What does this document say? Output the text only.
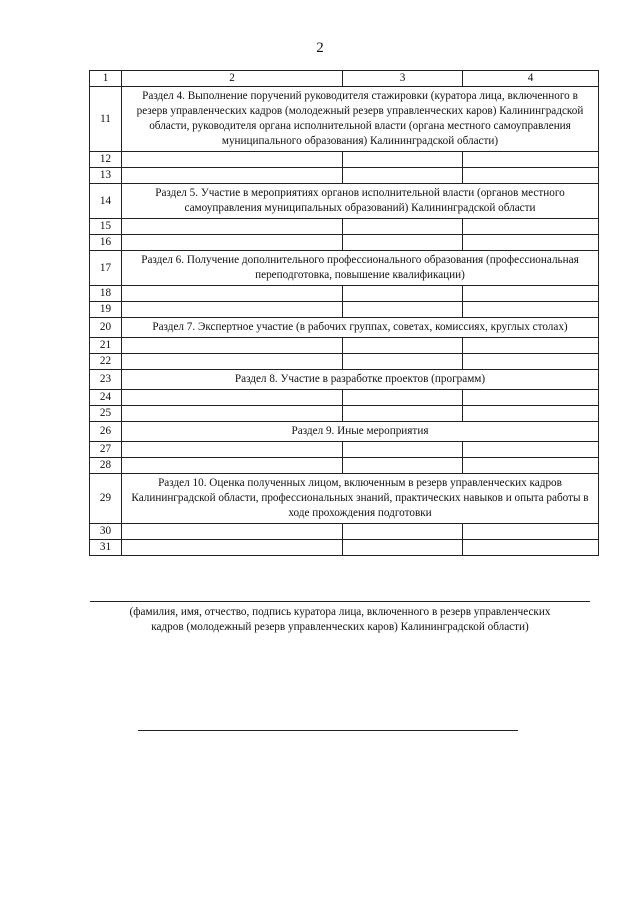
2
1	2	3	4
11	Раздел 4. Выполнение поручений руководителя стажировки (куратора лица, включенного в резерв управленческих кадров (молодежный резерв управленческих каров) Калининградской области, руководителя органа исполнительной власти (органа местного самоуправления муниципального образования) Калининградской области)		
12			
13			
14	Раздел 5. Участие в мероприятиях органов исполнительной власти (органов местного самоуправления муниципальных образований) Калининградской области		
15			
16			
17	Раздел 6. Получение дополнительного профессионального образования (профессиональная переподготовка, повышение квалификации)		
18			
19			
20	Раздел 7. Экспертное участие (в рабочих группах, советах, комиссиях, круглых столах)		
21			
22			
23	Раздел 8. Участие в разработке проектов (программ)		
24			
25			
26	Раздел 9. Иные мероприятия		
27			
28			
29	Раздел 10. Оценка полученных лицом, включенным в резерв управленческих кадров Калининградской области, профессиональных знаний, практических навыков и опыта работы в ходе прохождения подготовки		
30			
31			
(фамилия, имя, отчество, подпись куратора лица, включенного в резерв управленческих кадров (молодежный резерв управленческих каров) Калининградской области)
